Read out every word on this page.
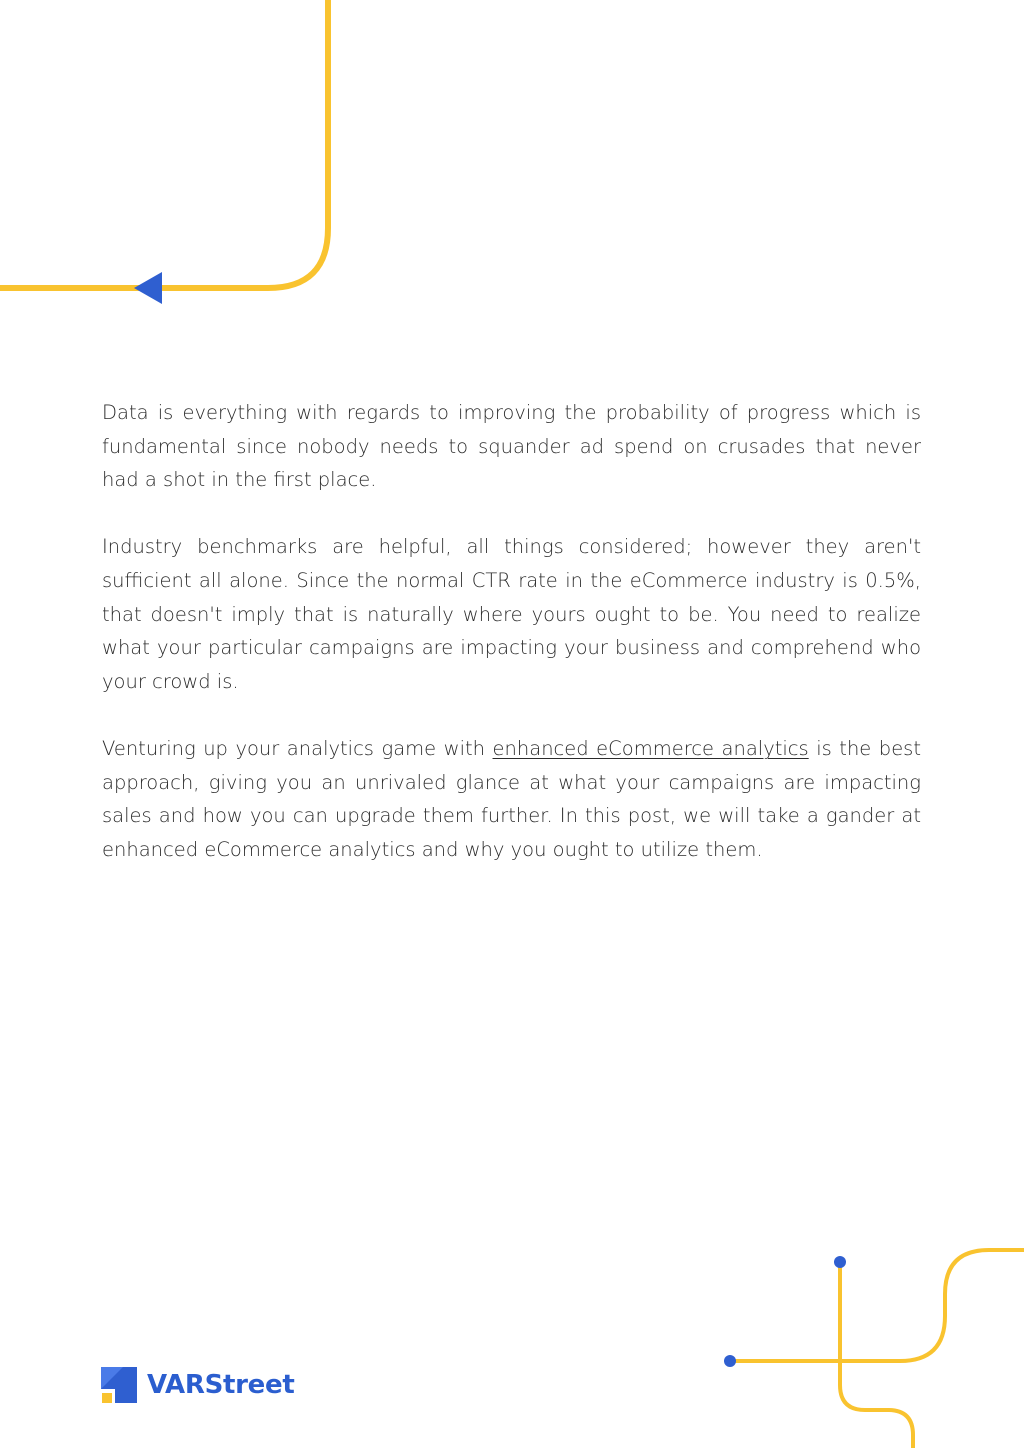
Data is everything with regards to improving the probability of progress which is fundamental since nobody needs to squander ad spend on crusades that never had a shot in the first place.

Industry benchmarks are helpful, all things considered; however they aren't sufficient all alone. Since the normal CTR rate in the eCommerce industry is 0.5%, that doesn't imply that is naturally where yours ought to be. You need to realize what your particular campaigns are impacting your business and comprehend who your crowd is.

Venturing up your analytics game with enhanced eCommerce analytics is the best approach, giving you an unrivaled glance at what your campaigns are impacting sales and how you can upgrade them further. In this post, we will take a gander at enhanced eCommerce analytics and why you ought to utilize them.

VARStreet
